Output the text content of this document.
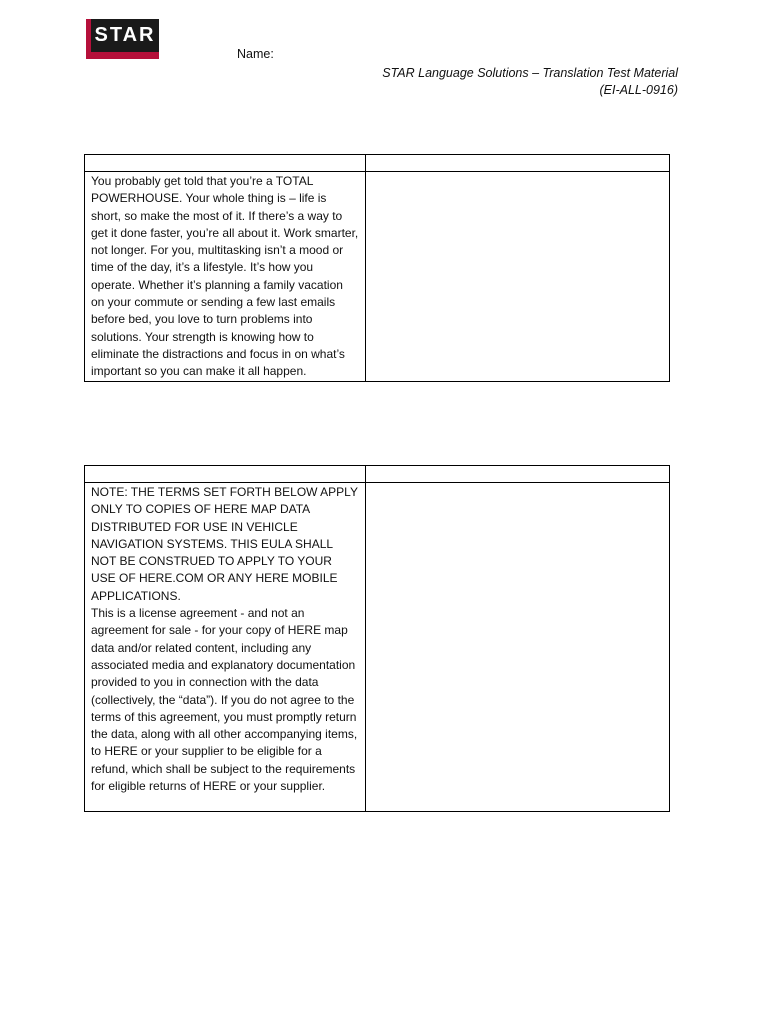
STAR
Name:
STAR Language Solutions – Translation Test Material
(EI-ALL-0916)

You probably get told that you’re a TOTAL POWERHOUSE. Your whole thing is – life is short, so make the most of it. If there’s a way to get it done faster, you’re all about it. Work smarter, not longer. For you, multitasking isn’t a mood or time of the day, it’s a lifestyle. It’s how you operate. Whether it’s planning a family vacation on your commute or sending a few last emails before bed, you love to turn problems into solutions. Your strength is knowing how to eliminate the distractions and focus in on what’s important so you can make it all happen.	

NOTE: THE TERMS SET FORTH BELOW APPLY ONLY TO COPIES OF HERE MAP DATA DISTRIBUTED FOR USE IN VEHICLE NAVIGATION SYSTEMS. THIS EULA SHALL NOT BE CONSTRUED TO APPLY TO YOUR USE OF HERE.COM OR ANY HERE MOBILE APPLICATIONS.

This is a license agreement - and not an agreement for sale - for your copy of HERE map data and/or related content, including any associated media and explanatory documentation provided to you in connection with the data (collectively, the “data”). If you do not agree to the terms of this agreement, you must promptly return the data, along with all other accompanying items, to HERE or your supplier to be eligible for a refund, which shall be subject to the requirements for eligible returns of HERE or your supplier.	
